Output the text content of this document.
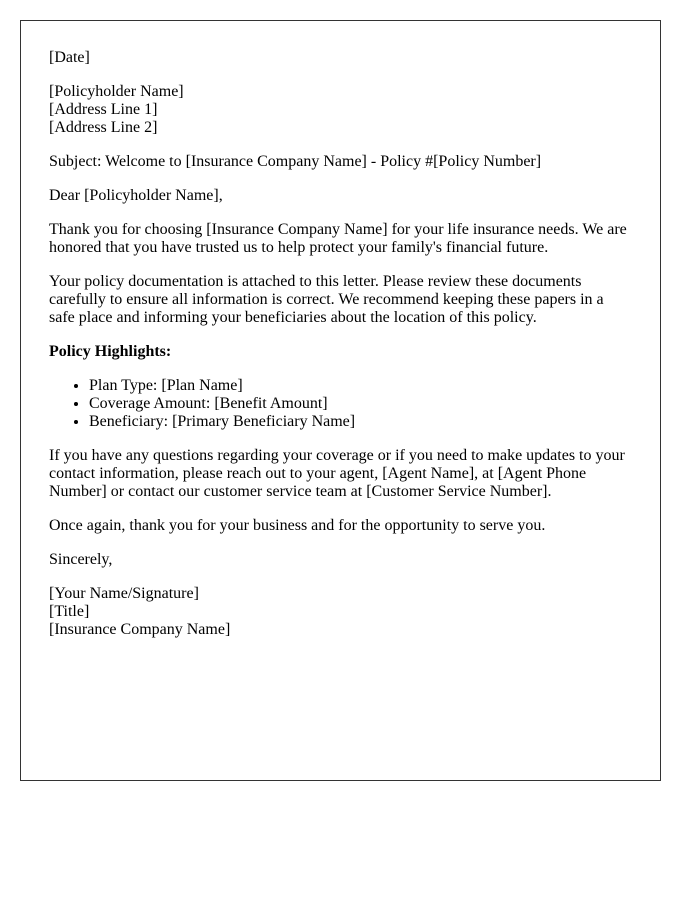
[Date]

[Policyholder Name]
[Address Line 1]
[Address Line 2]

Subject: Welcome to [Insurance Company Name] - Policy #[Policy Number]

Dear [Policyholder Name],

Thank you for choosing [Insurance Company Name] for your life insurance needs. We are honored that you have trusted us to help protect your family's financial future.

Your policy documentation is attached to this letter. Please review these documents carefully to ensure all information is correct. We recommend keeping these papers in a safe place and informing your beneficiaries about the location of this policy.

Policy Highlights:

• Plan Type: [Plan Name]
• Coverage Amount: [Benefit Amount]
• Beneficiary: [Primary Beneficiary Name]

If you have any questions regarding your coverage or if you need to make updates to your contact information, please reach out to your agent, [Agent Name], at [Agent Phone Number] or contact our customer service team at [Customer Service Number].

Once again, thank you for your business and for the opportunity to serve you.

Sincerely,

[Your Name/Signature]
[Title]
[Insurance Company Name]
